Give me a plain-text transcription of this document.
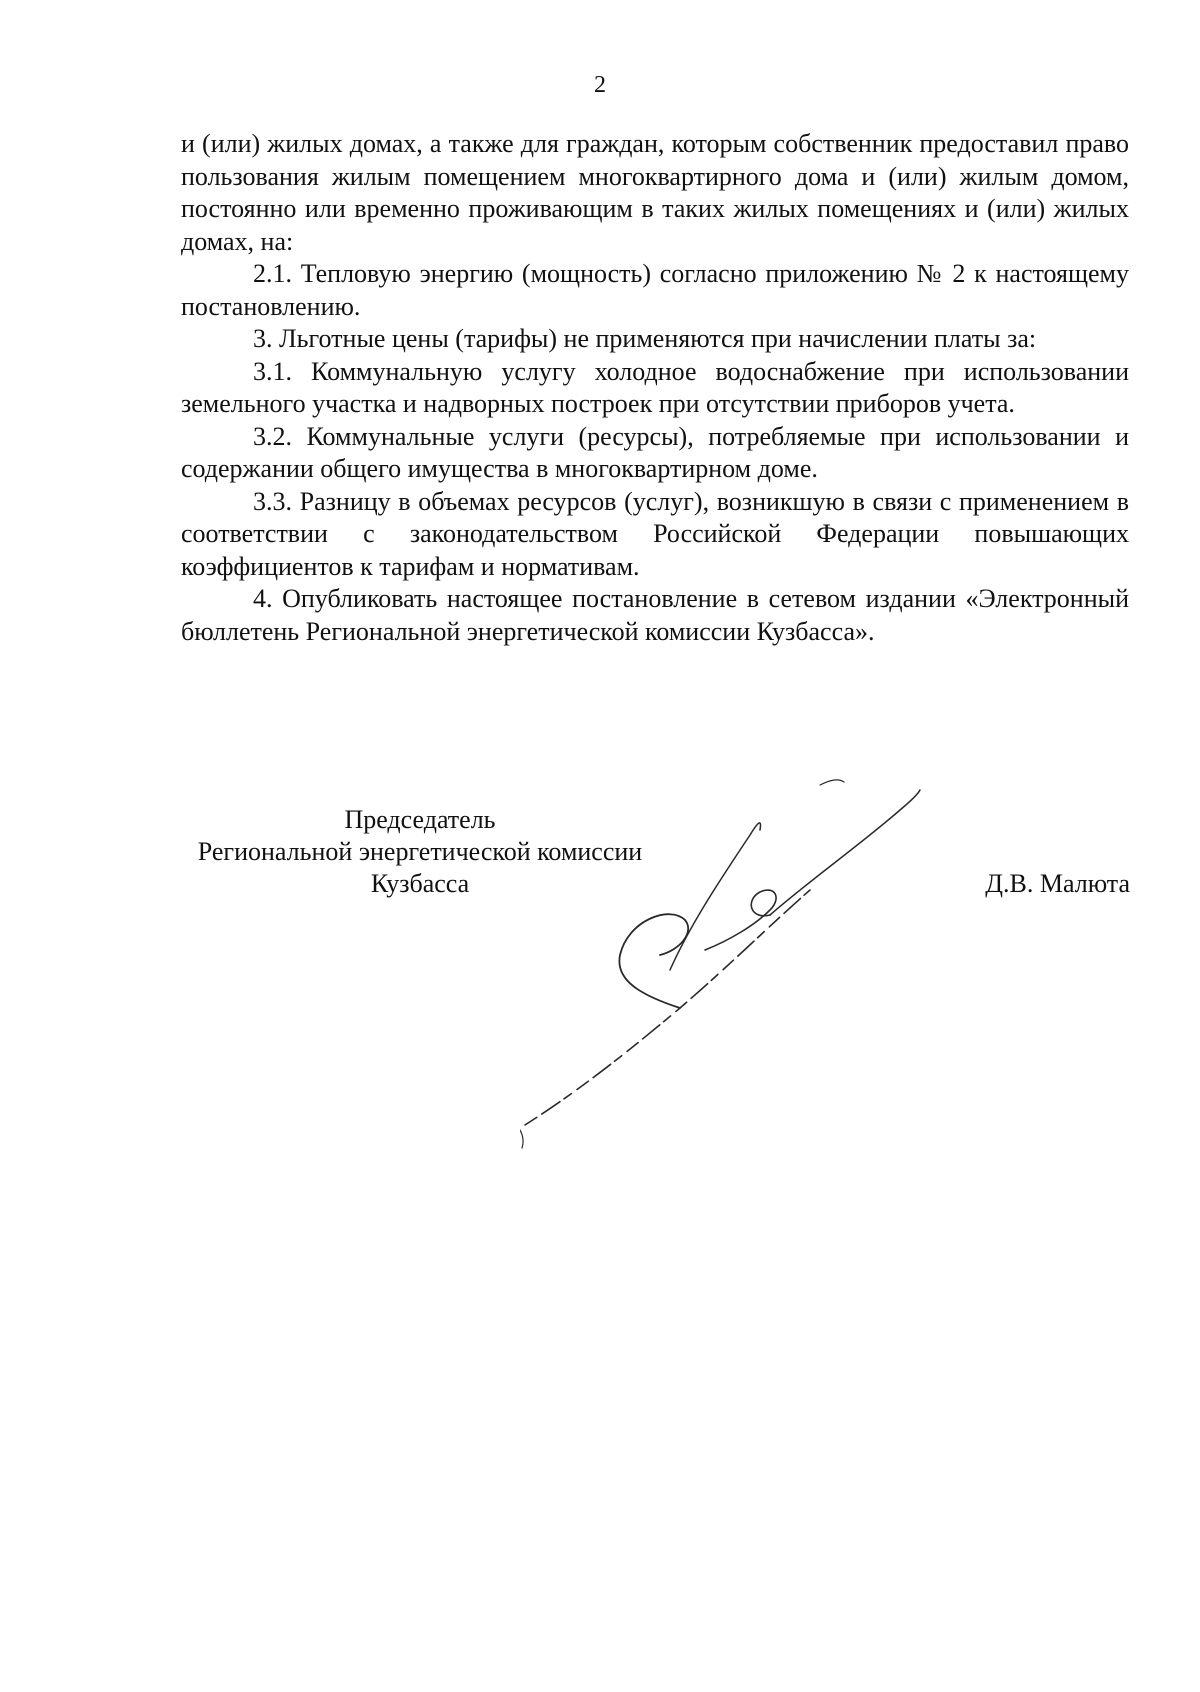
2

и (или) жилых домах, а также для граждан, которым собственник предоставил право пользования жилым помещением многоквартирного дома и (или) жилым домом, постоянно или временно проживающим в таких жилых помещениях и (или) жилых домах, на:

2.1. Тепловую энергию (мощность) согласно приложению № 2 к настоящему постановлению.

3. Льготные цены (тарифы) не применяются при начислении платы за:

3.1. Коммунальную услугу холодное водоснабжение при использовании земельного участка и надворных построек при отсутствии приборов учета.

3.2. Коммунальные услуги (ресурсы), потребляемые при использовании и содержании общего имущества в многоквартирном доме.

3.3. Разницу в объемах ресурсов (услуг), возникшую в связи с применением в соответствии с законодательством Российской Федерации повышающих коэффициентов к тарифам и нормативам.

4. Опубликовать настоящее постановление в сетевом издании «Электронный бюллетень Региональной энергетической комиссии Кузбасса».

Председатель
Региональной энергетической комиссии
Кузбасса	Д.В. Малюта
